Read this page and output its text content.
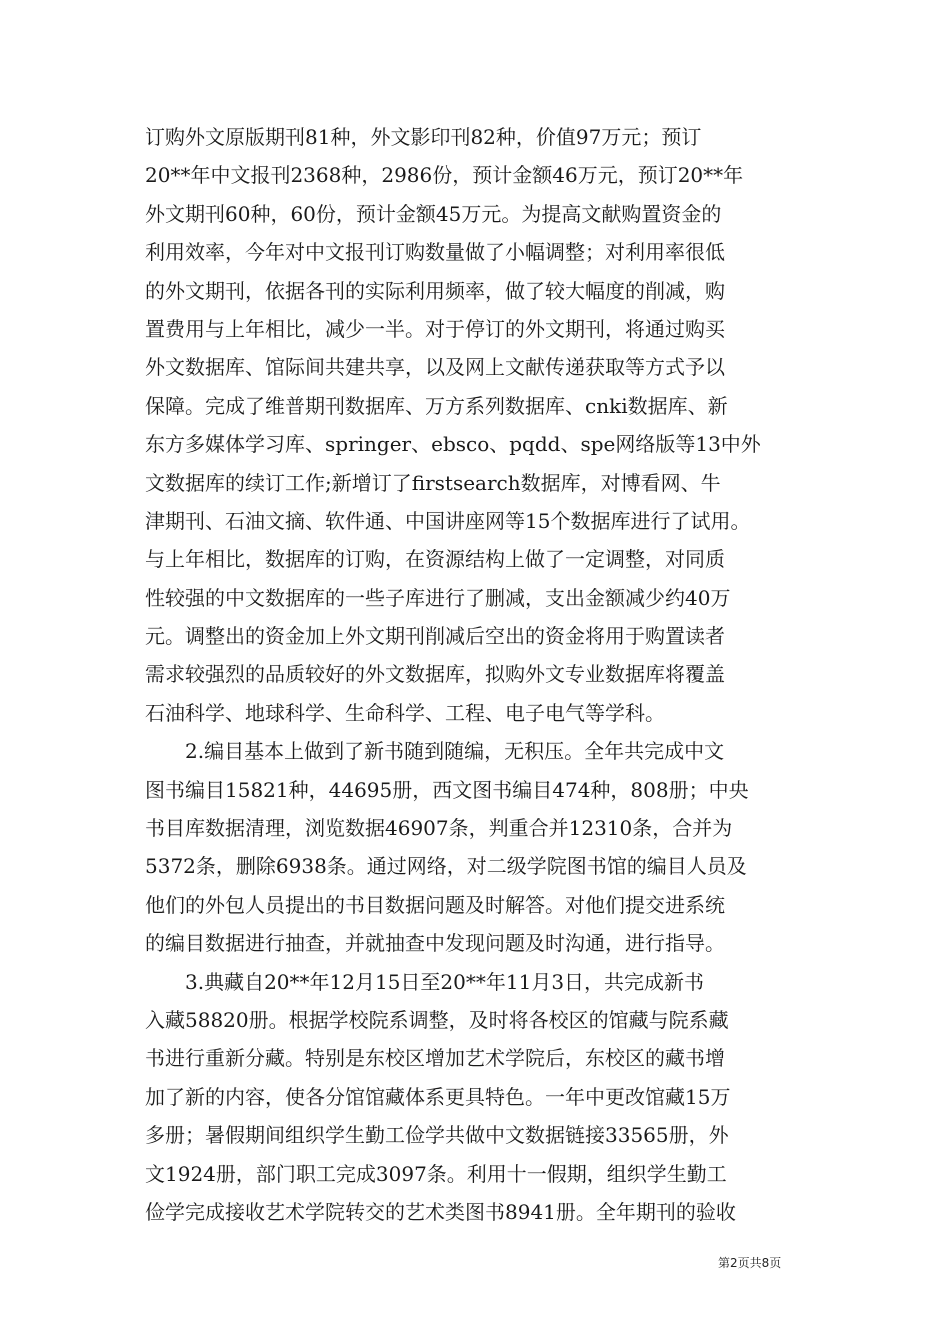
订购外文原版期刊81种，外文影印刊82种，价值97万元；预订
20**年中文报刊2368种，2986份，预计金额46万元，预订20**年
外文期刊60种，60份，预计金额45万元。为提高文献购置资金的
利用效率，今年对中文报刊订购数量做了小幅调整；对利用率很低
的外文期刊，依据各刊的实际利用频率，做了较大幅度的削减，购
置费用与上年相比，减少一半。对于停订的外文期刊，将通过购买
外文数据库、馆际间共建共享，以及网上文献传递获取等方式予以
保障。完成了维普期刊数据库、万方系列数据库、cnki数据库、新
东方多媒体学习库、springer、ebsco、pqdd、spe网络版等13中外
文数据库的续订工作;新增订了firstsearch数据库，对博看网、牛
津期刊、石油文摘、软件通、中国讲座网等15个数据库进行了试用。
与上年相比，数据库的订购，在资源结构上做了一定调整，对同质
性较强的中文数据库的一些子库进行了删减，支出金额减少约40万
元。调整出的资金加上外文期刊削减后空出的资金将用于购置读者
需求较强烈的品质较好的外文数据库，拟购外文专业数据库将覆盖
石油科学、地球科学、生命科学、工程、电子电气等学科。
　　2.编目基本上做到了新书随到随编，无积压。全年共完成中文
图书编目15821种，44695册，西文图书编目474种，808册；中央
书目库数据清理，浏览数据46907条，判重合并12310条，合并为
5372条，删除6938条。通过网络，对二级学院图书馆的编目人员及
他们的外包人员提出的书目数据问题及时解答。对他们提交进系统
的编目数据进行抽查，并就抽查中发现问题及时沟通，进行指导。
　　3.典藏自20**年12月15日至20**年11月3日，共完成新书
入藏58820册。根据学校院系调整，及时将各校区的馆藏与院系藏
书进行重新分藏。特别是东校区增加艺术学院后，东校区的藏书增
加了新的内容，使各分馆馆藏体系更具特色。一年中更改馆藏15万
多册；暑假期间组织学生勤工俭学共做中文数据链接33565册，外
文1924册，部门职工完成3097条。利用十一假期，组织学生勤工
俭学完成接收艺术学院转交的艺术类图书8941册。全年期刊的验收
第2页共8页
